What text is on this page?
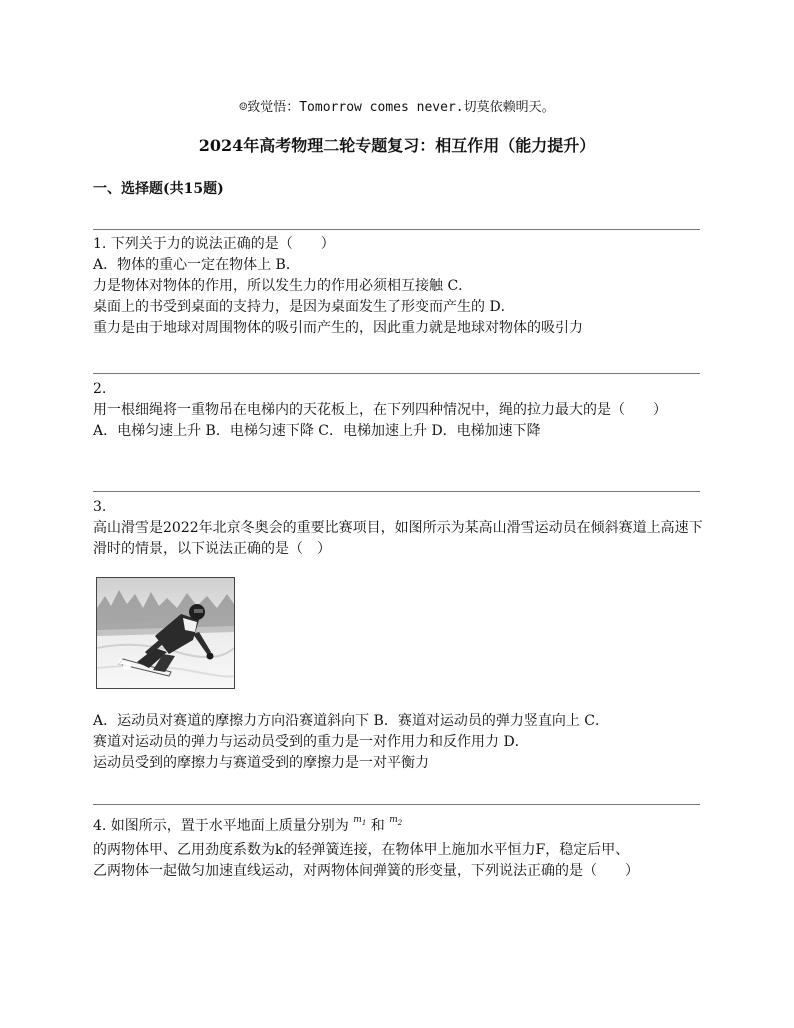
☺致觉悟：Tomorrow comes never.切莫依赖明天。
2024年高考物理二轮专题复习：相互作用（能力提升）
一、选择题(共15题)

1. 下列关于力的说法正确的是（　　）

A．物体的重心一定在物体上 B．

力是物体对物体的作用，所以发生力的作用必须相互接触 C．

桌面上的书受到桌面的支持力，是因为桌面发生了形变而产生的 D．

重力是由于地球对周围物体的吸引而产生的，因此重力就是地球对物体的吸引力

2.

用一根细绳将一重物吊在电梯内的天花板上，在下列四种情况中，绳的拉力最大的是（　　）

A．电梯匀速上升 B．电梯匀速下降 C．电梯加速上升 D．电梯加速下降

3.

高山滑雪是2022年北京冬奥会的重要比赛项目，如图所示为某高山滑雪运动员在倾斜赛道上高速下滑时的情景，以下说法正确的是（　）

A．运动员对赛道的摩擦力方向沿赛道斜向下 B．赛道对运动员的弹力竖直向上 C．

赛道对运动员的弹力与运动员受到的重力是一对作用力和反作用力 D．

运动员受到的摩擦力与赛道受到的摩擦力是一对平衡力

4. 如图所示，置于水平地面上质量分别为 $^{m_1}$ 和 $^{m_2}$

的两物体甲、乙用劲度系数为k的轻弹簧连接，在物体甲上施加水平恒力F，稳定后甲、

乙两物体一起做匀加速直线运动，对两物体间弹簧的形变量，下列说法正确的是（　　）
